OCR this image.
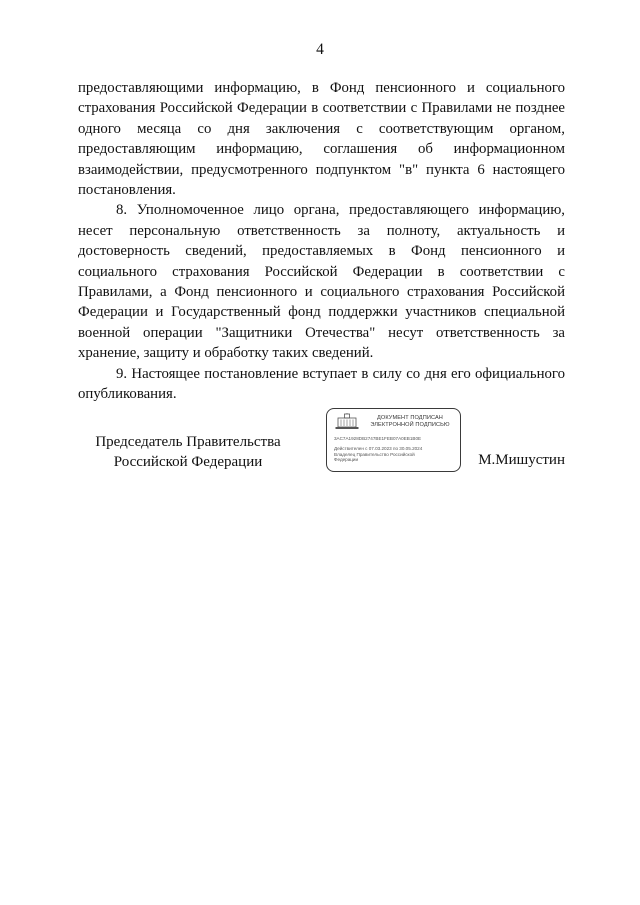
4

предоставляющими информацию, в Фонд пенсионного и социального страхования Российской Федерации в соответствии с Правилами не позднее одного месяца со дня заключения с соответствующим органом, предоставляющим информацию, соглашения об информационном взаимодействии, предусмотренного подпунктом "в" пункта 6 настоящего постановления.

8. Уполномоченное лицо органа, предоставляющего информацию, несет персональную ответственность за полноту, актуальность и достоверность сведений, предоставляемых в Фонд пенсионного и социального страхования Российской Федерации в соответствии с Правилами, а Фонд пенсионного и социального страхования Российской Федерации и Государственный фонд поддержки участников специальной военной операции "Защитники Отечества" несут ответственность за хранение, защиту и обработку таких сведений.

9. Настоящее постановление вступает в силу со дня его официального опубликования.

Председатель Правительства
Российской Федерации
ДОКУМЕНТ ПОДПИСАН
ЭЛЕКТРОННОЙ ПОДПИСЬЮ
3AC7A1928DB2747BE1FEB07A0EB1B0E
Действителен с 07.03.2023 по 30.05.2024
Владелец Правительство Российской
Федерации	М.Мишустин
